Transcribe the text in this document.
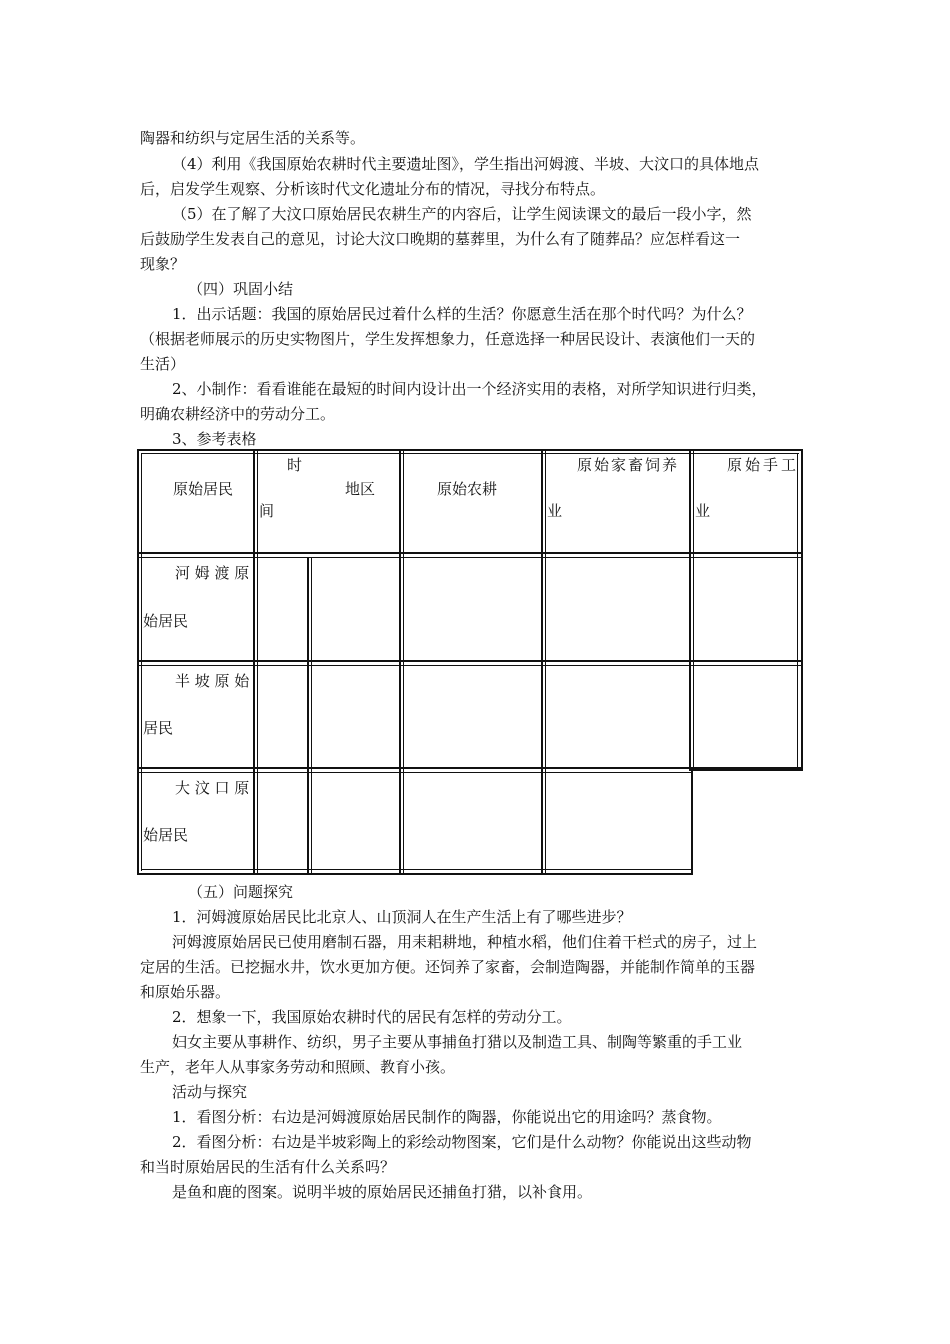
陶器和纺织与定居生活的关系等。
（4）利用《我国原始农耕时代主要遗址图》，学生指出河姆渡、半坡、大汶口的具体地点
后，启发学生观察、分析该时代文化遗址分布的情况，寻找分布特点。
（5）在了解了大汶口原始居民农耕生产的内容后，让学生阅读课文的最后一段小字，然
后鼓励学生发表自己的意见，讨论大汶口晚期的墓葬里，为什么有了随葬品？应怎样看这一
现象？
（四）巩固小结
1．出示话题：我国的原始居民过着什么样的生活？你愿意生活在那个时代吗？为什么？
（根据老师展示的历史实物图片，学生发挥想象力，任意选择一种居民设计、表演他们一天的
生活）
2、小制作：看看谁能在最短的时间内设计出一个经济实用的表格，对所学知识进行归类，
明确农耕经济中的劳动分工。
3、参考表格
原始居民
时
间
地区	原始农耕
原始家畜饲养
业
原始手工
业
河 姆 渡 原
始居民
半 坡 原 始
居民
大 汶 口 原
始居民
（五）问题探究
1．河姆渡原始居民比北京人、山顶洞人在生产生活上有了哪些进步？
河姆渡原始居民已使用磨制石器，用耒耜耕地，种植水稻，他们住着干栏式的房子，过上
定居的生活。已挖掘水井，饮水更加方便。还饲养了家畜，会制造陶器，并能制作简单的玉器
和原始乐器。
2．想象一下，我国原始农耕时代的居民有怎样的劳动分工。
妇女主要从事耕作、纺织，男子主要从事捕鱼打猎以及制造工具、制陶等繁重的手工业
生产，老年人从事家务劳动和照顾、教育小孩。
活动与探究
1．看图分析：右边是河姆渡原始居民制作的陶器，你能说出它的用途吗？蒸食物。
2．看图分析：右边是半坡彩陶上的彩绘动物图案，它们是什么动物？你能说出这些动物
和当时原始居民的生活有什么关系吗？
是鱼和鹿的图案。说明半坡的原始居民还捕鱼打猎，以补食用。
